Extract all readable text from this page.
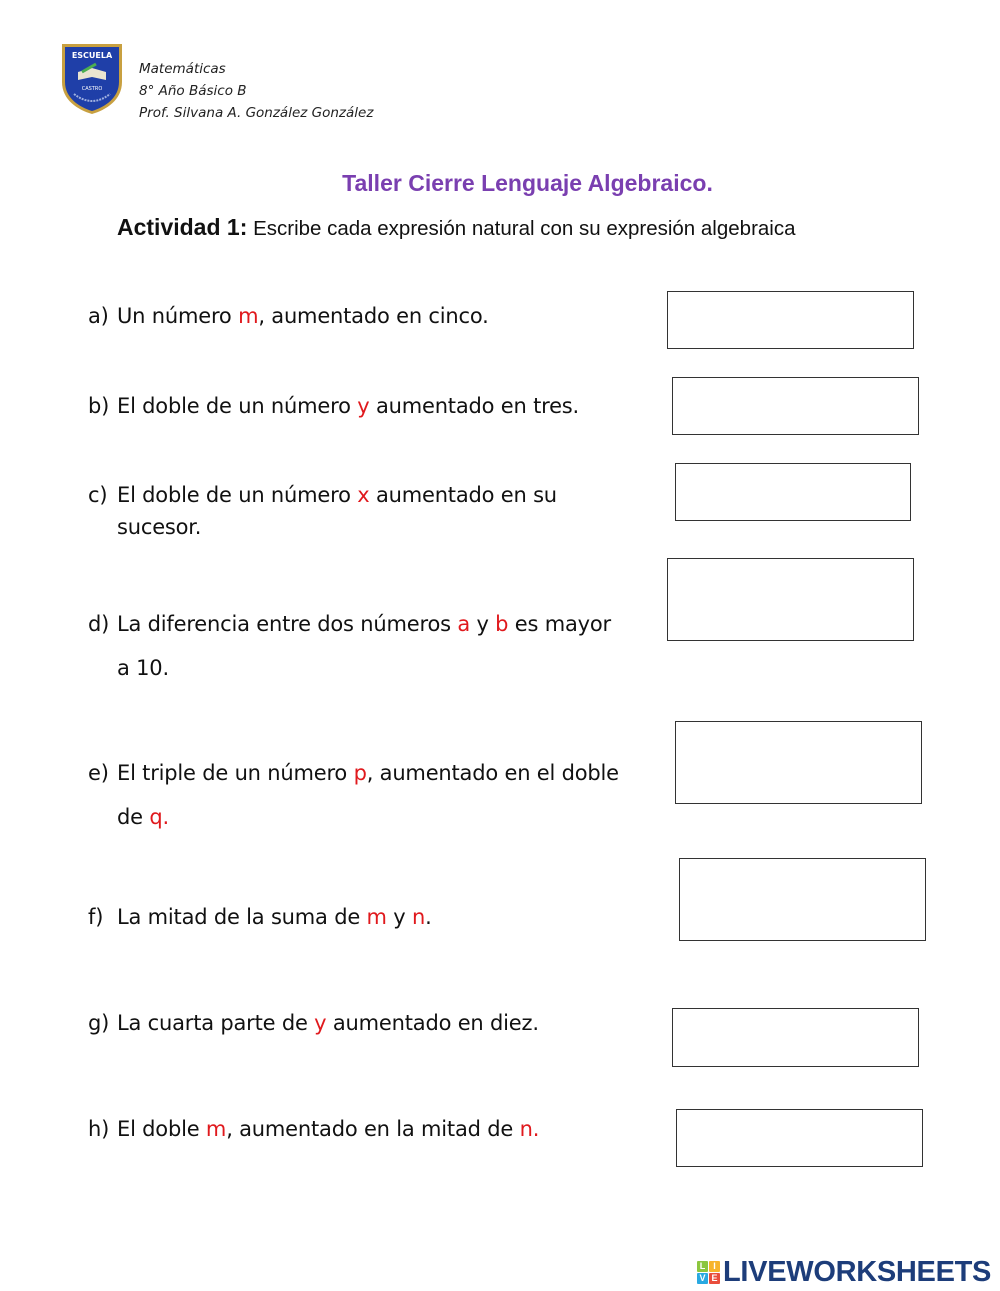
ESCUELA
CASTRO
Matemáticas
8° Año Básico B
Prof. Silvana A. González González
Taller Cierre Lenguaje Algebraico.
Actividad 1: Escribe cada expresión natural con su expresión algebraica
a) Un número m, aumentado en cinco.
b) El doble de un número y aumentado en tres.
c) El doble de un número x aumentado en su
sucesor.
d) La diferencia entre dos números a y b es mayor
a 10.
e) El triple de un número p, aumentado en el doble
de q.
f) La mitad de la suma de m y n.
g) La cuarta parte de y aumentado en diez.
h) El doble m, aumentado en la mitad de n.
L I
V E LIVEWORKSHEETS
